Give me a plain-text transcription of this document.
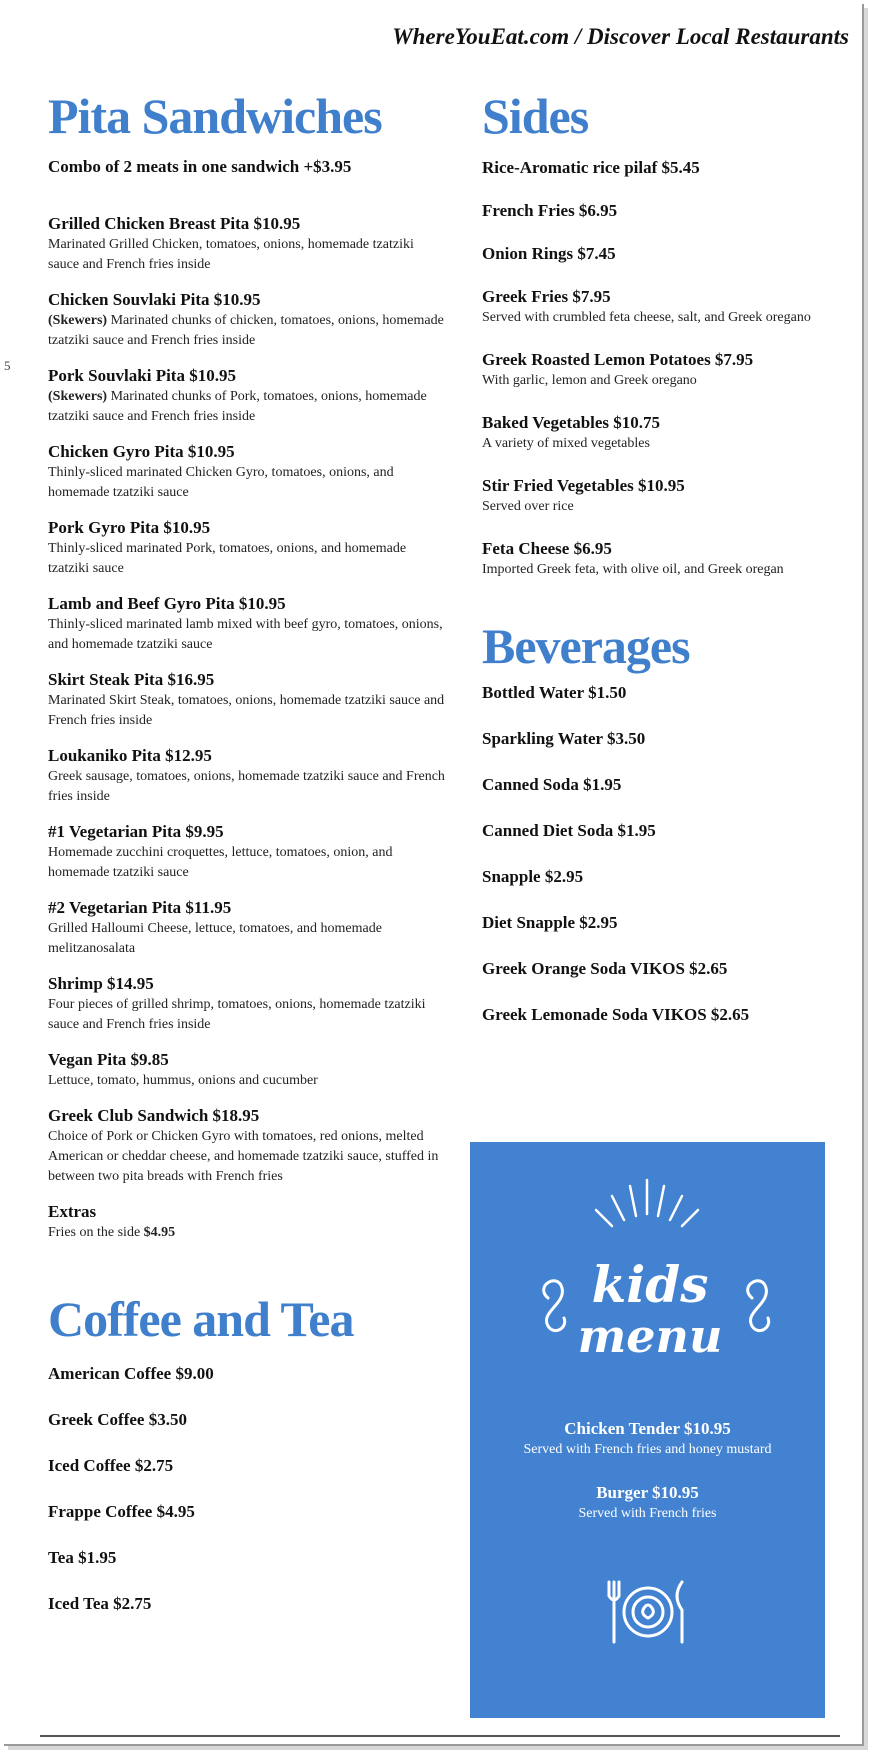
WhereYouEat.com / Discover Local Restaurants
5
Pita Sandwiches
Combo of 2 meats in one sandwich +$3.95
Grilled Chicken Breast Pita $10.95
Marinated Grilled Chicken, tomatoes, onions, homemade tzatziki sauce and French fries inside
Chicken Souvlaki Pita $10.95
(Skewers) Marinated chunks of chicken, tomatoes, onions, homemade tzatziki sauce and French fries inside
Pork Souvlaki Pita $10.95
(Skewers) Marinated chunks of Pork, tomatoes, onions, homemade tzatziki sauce and French fries inside
Chicken Gyro Pita $10.95
Thinly-sliced marinated Chicken Gyro, tomatoes, onions, and homemade tzatziki sauce
Pork Gyro Pita $10.95
Thinly-sliced marinated Pork, tomatoes, onions, and homemade tzatziki sauce
Lamb and Beef Gyro Pita $10.95
Thinly-sliced marinated lamb mixed with beef gyro, tomatoes, onions, and homemade tzatziki sauce
Skirt Steak Pita $16.95
Marinated Skirt Steak, tomatoes, onions, homemade tzatziki sauce and French fries inside
Loukaniko Pita $12.95
Greek sausage, tomatoes, onions, homemade tzatziki sauce and French fries inside
#1 Vegetarian Pita $9.95
Homemade zucchini croquettes, lettuce, tomatoes, onion, and homemade tzatziki sauce
#2 Vegetarian Pita $11.95
Grilled Halloumi Cheese, lettuce, tomatoes, and homemade melitzanosalata
Shrimp $14.95
Four pieces of grilled shrimp, tomatoes, onions, homemade tzatziki sauce and French fries inside
Vegan Pita $9.85
Lettuce, tomato, hummus, onions and cucumber
Greek Club Sandwich $18.95
Choice of Pork or Chicken Gyro with tomatoes, red onions, melted American or cheddar cheese, and homemade tzatziki sauce, stuffed in between two pita breads with French fries
Extras
Fries on the side $4.95
Coffee and Tea
American Coffee $9.00
Greek Coffee $3.50
Iced Coffee $2.75
Frappe Coffee $4.95
Tea $1.95
Iced Tea $2.75
Sides
Rice-Aromatic rice pilaf $5.45
French Fries $6.95
Onion Rings $7.45
Greek Fries $7.95
Served with crumbled feta cheese, salt, and Greek oregano
Greek Roasted Lemon Potatoes $7.95
With garlic, lemon and Greek oregano
Baked Vegetables $10.75
A variety of mixed vegetables
Stir Fried Vegetables $10.95
Served over rice
Feta Cheese $6.95
Imported Greek feta, with olive oil, and Greek oregan
Beverages
Bottled Water $1.50
Sparkling Water $3.50
Canned Soda $1.95
Canned Diet Soda $1.95
Snapple $2.95
Diet Snapple $2.95
Greek Orange Soda VIKOS $2.65
Greek Lemonade Soda VIKOS $2.65
kids
menu
Chicken Tender $10.95
Served with French fries and honey mustard
Burger $10.95
Served with French fries
